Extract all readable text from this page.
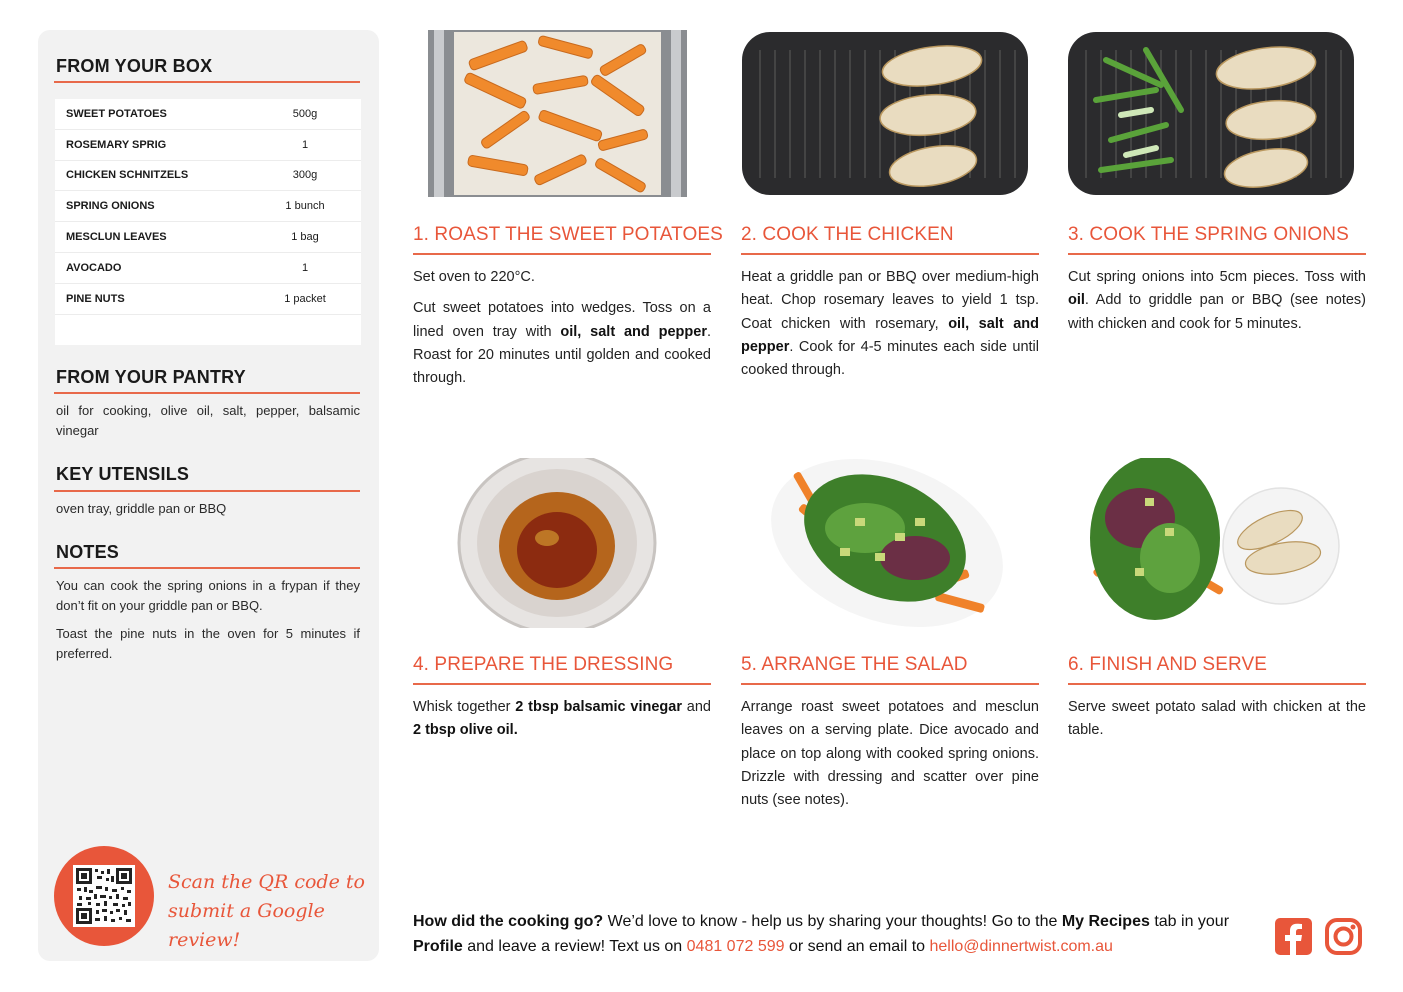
FROM YOUR BOX
SWEET POTATOES	500g
ROSEMARY SPRIG	1
CHICKEN SCHNITZELS	300g
SPRING ONIONS	1 bunch
MESCLUN LEAVES	1 bag
AVOCADO	1
PINE NUTS	1 packet
FROM YOUR PANTRY
oil for cooking, olive oil, salt, pepper, balsamic vinegar
KEY UTENSILS
oven tray, griddle pan or BBQ
NOTES
You can cook the spring onions in a frypan if they don’t fit on your griddle pan or BBQ.
Toast the pine nuts in the oven for 5 minutes if preferred.
Scan the QR code to
submit a Google review!
1. ROAST THE SWEET POTATOES

Set oven to 220°C.

Cut sweet potatoes into wedges. Toss on a lined oven tray with oil, salt and pepper. Roast for 20 minutes until golden and cooked through.

2. COOK THE CHICKEN

Heat a griddle pan or BBQ over medium-high heat. Chop rosemary leaves to yield 1 tsp. Coat chicken with rosemary, oil, salt and pepper. Cook for 4-5 minutes each side until cooked through.

3. COOK THE SPRING ONIONS

Cut spring onions into 5cm pieces. Toss with oil. Add to griddle pan or BBQ (see notes) with chicken and cook for 5 minutes.

4. PREPARE THE DRESSING

Whisk together 2 tbsp balsamic vinegar and 2 tbsp olive oil.

5. ARRANGE THE SALAD

Arrange roast sweet potatoes and mesclun leaves on a serving plate. Dice avocado and place on top along with cooked spring onions. Drizzle with dressing and scatter over pine nuts (see notes).

6. FINISH AND SERVE

Serve sweet potato salad with chicken at the table.

How did the cooking go? We’d love to know - help us by sharing your thoughts! Go to the My Recipes tab in your Profile and leave a review! Text us on 0481 072 599 or send an email to hello@dinnertwist.com.au
